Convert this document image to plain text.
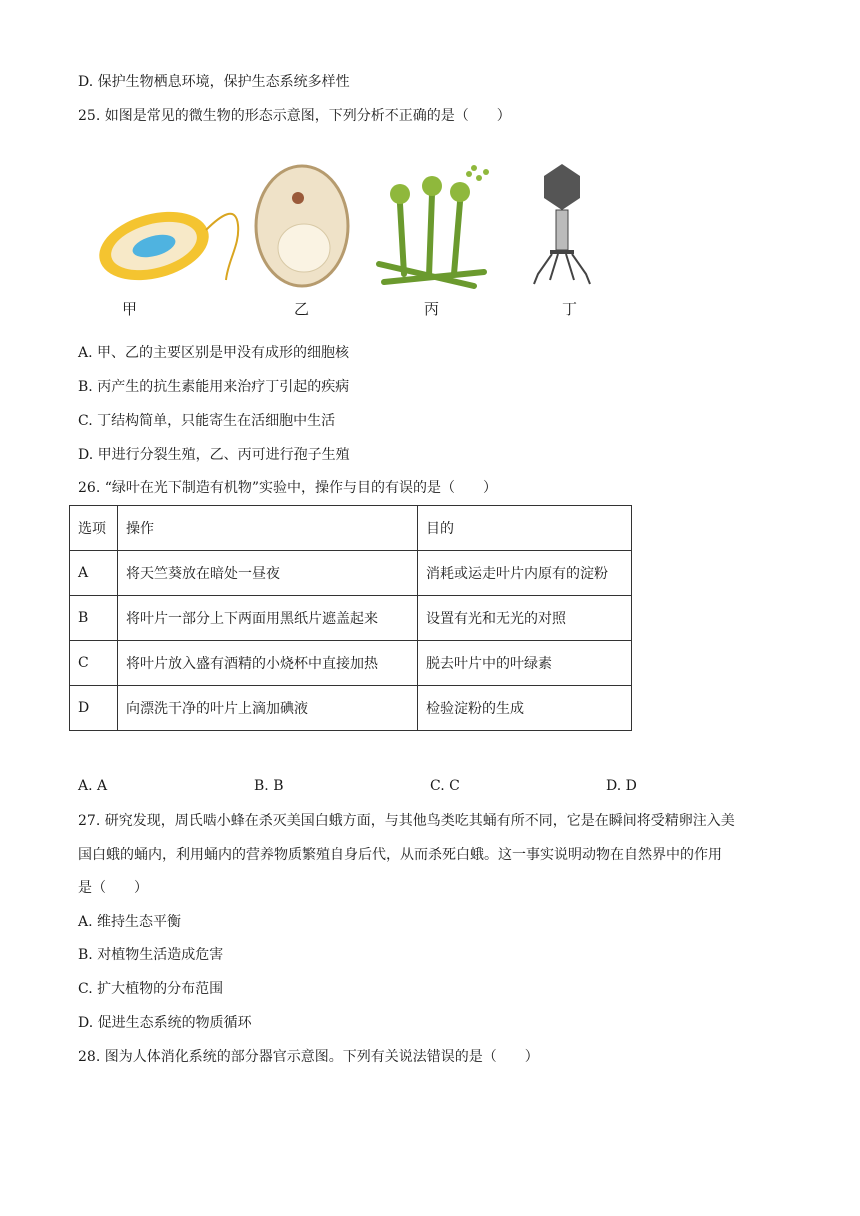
D. 保护生物栖息环境，保护生态系统多样性
25. 如图是常见的微生物的形态示意图，下列分析不正确的是（　　）
甲	乙	丙	丁
A. 甲、乙的主要区别是甲没有成形的细胞核
B. 丙产生的抗生素能用来治疗丁引起的疾病
C. 丁结构简单，只能寄生在活细胞中生活
D. 甲进行分裂生殖，乙、丙可进行孢子生殖
26. “绿叶在光下制造有机物”实验中，操作与目的有误的是（　　）
选项	操作	目的
A	将天竺葵放在暗处一昼夜	消耗或运走叶片内原有的淀粉
B	将叶片一部分上下两面用黑纸片遮盖起来	设置有光和无光的对照
C	将叶片放入盛有酒精的小烧杯中直接加热	脱去叶片中的叶绿素
D	向漂洗干净的叶片上滴加碘液	检验淀粉的生成
A. A	B. B	C. C	D. D
27. 研究发现，周氏啮小蜂在杀灭美国白蛾方面，与其他鸟类吃其蛹有所不同，它是在瞬间将受精卵注入美
国白蛾的蛹内，利用蛹内的营养物质繁殖自身后代，从而杀死白蛾。这一事实说明动物在自然界中的作用
是（　　）
A. 维持生态平衡
B. 对植物生活造成危害
C. 扩大植物的分布范围
D. 促进生态系统的物质循环
28. 图为人体消化系统的部分器官示意图。下列有关说法错误的是（　　）
